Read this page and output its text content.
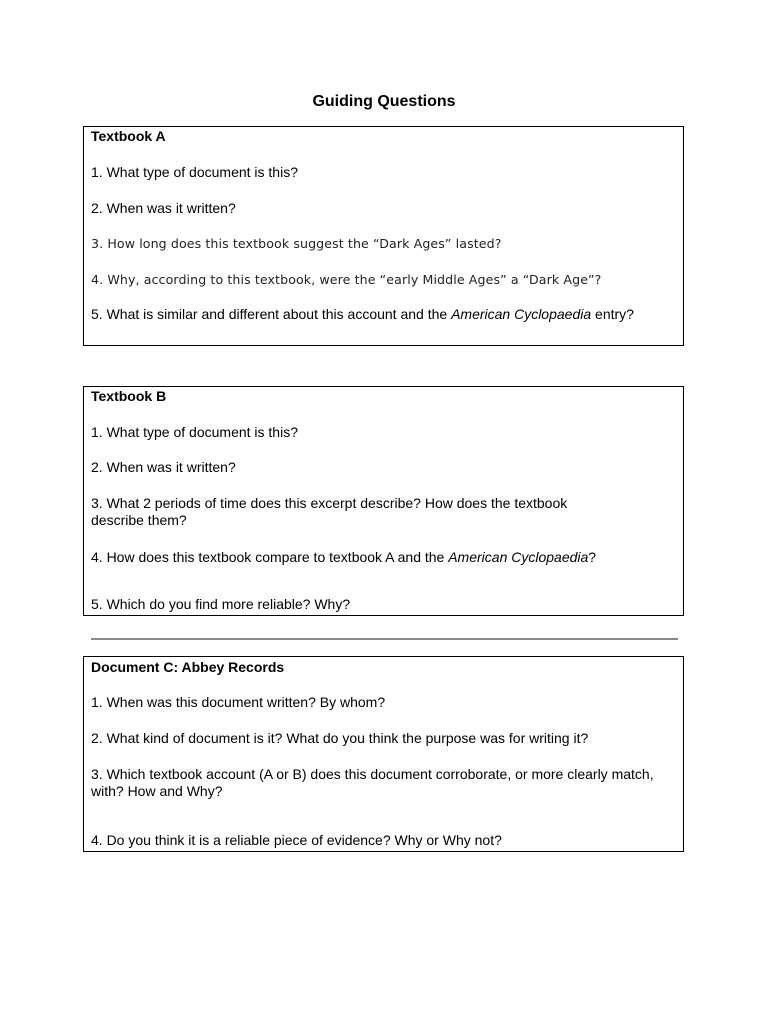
Guiding Questions

Textbook A

1. What type of document is this?

2. When was it written?

3. How long does this textbook suggest the “Dark Ages” lasted?

4. Why, according to this textbook, were the “early Middle Ages” a “Dark Age”?

5. What is similar and different about this account and the American Cyclopaedia entry?

Textbook B

1. What type of document is this?

2. When was it written?

3. What 2 periods of time does this excerpt describe? How does the textbook describe them?

4. How does this textbook compare to textbook A and the American Cyclopaedia?

5. Which do you find more reliable? Why?

Document C: Abbey Records

1. When was this document written? By whom?

2. What kind of document is it? What do you think the purpose was for writing it?

3. Which textbook account (A or B) does this document corroborate, or more clearly match, with? How and Why?

4. Do you think it is a reliable piece of evidence? Why or Why not?
